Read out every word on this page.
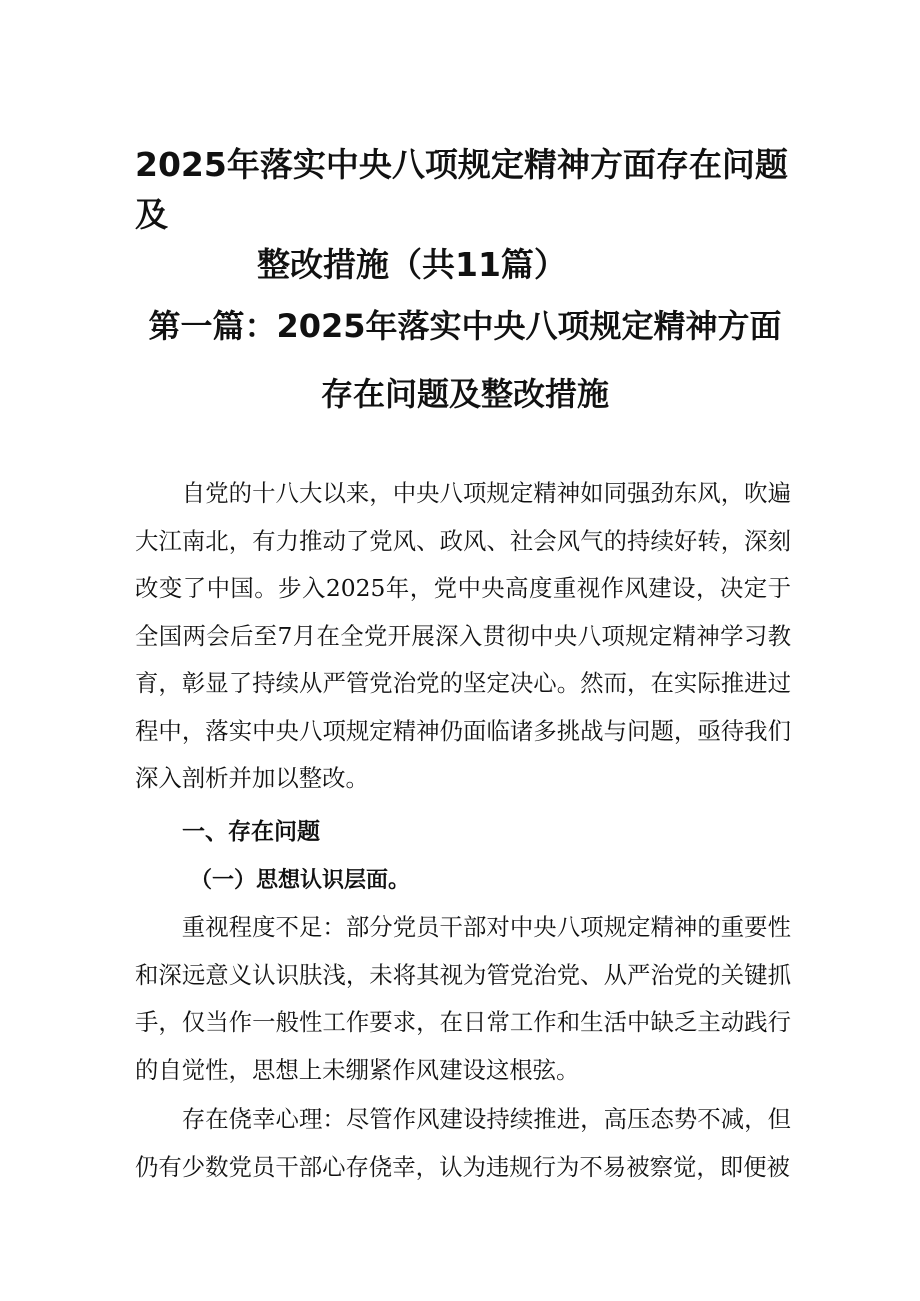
2025年落实中央八项规定精神方面存在问题及
整改措施（共11篇）
第一篇：2025年落实中央八项规定精神方面存在问题及整改措施

自党的十八大以来，中央八项规定精神如同强劲东风，吹遍大江南北，有力推动了党风、政风、社会风气的持续好转，深刻改变了中国。步入2025年，党中央高度重视作风建设，决定于全国两会后至7月在全党开展深入贯彻中央八项规定精神学习教育，彰显了持续从严管党治党的坚定决心。然而，在实际推进过程中，落实中央八项规定精神仍面临诸多挑战与问题，亟待我们深入剖析并加以整改。

一、存在问题
（一）思想认识层面。

重视程度不足：部分党员干部对中央八项规定精神的重要性和深远意义认识肤浅，未将其视为管党治党、从严治党的关键抓手，仅当作一般性工作要求，在日常工作和生活中缺乏主动践行的自觉性，思想上未绷紧作风建设这根弦。

存在侥幸心理：尽管作风建设持续推进，高压态势不减，但仍有少数党员干部心存侥幸，认为违规行为不易被察觉，即便被
